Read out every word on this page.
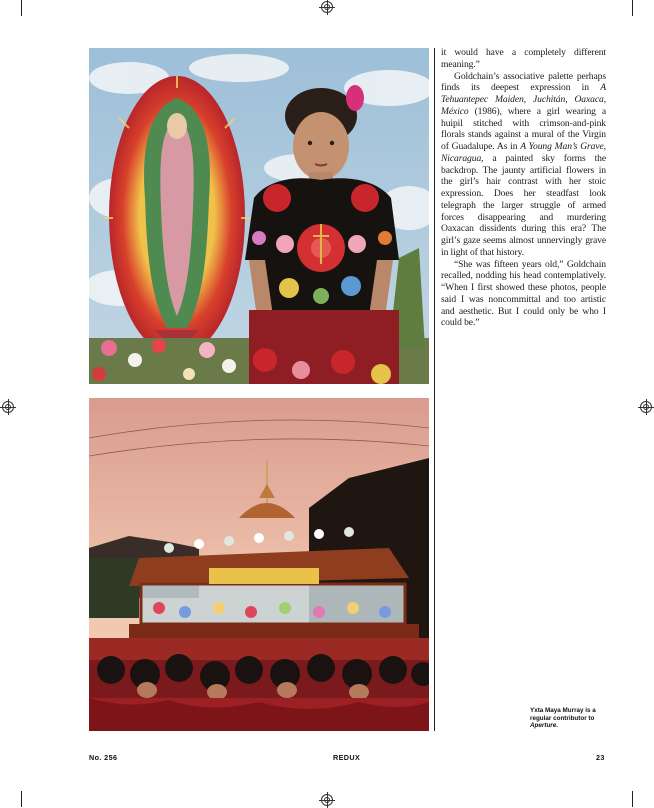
it would have a completely different meaning.”

Goldchain’s associative palette perhaps finds its deepest expression in A Tehuantepec Maiden, Juchitán, Oaxaca, México (1986), where a girl wearing a huipil stitched with crimson-and-pink florals stands against a mural of the Virgin of Guadalupe. As in A Young Man’s Grave, Nicaragua, a painted sky forms the backdrop. The jaunty artificial flowers in the girl’s hair contrast with her stoic expression. Does her steadfast look telegraph the larger struggle of armed forces disappearing and murdering Oaxacan dissidents during this era? The girl’s gaze seems almost unnervingly grave in light of that history.

“She was fifteen years old,” Goldchain recalled, nodding his head contemplatively. “When I first showed these photos, people said I was noncommittal and too artistic and aesthetic. But I could only be who I could be.”

Yxta Maya Murray is a regular contributor to Aperture.
No. 256	REDUX	23
